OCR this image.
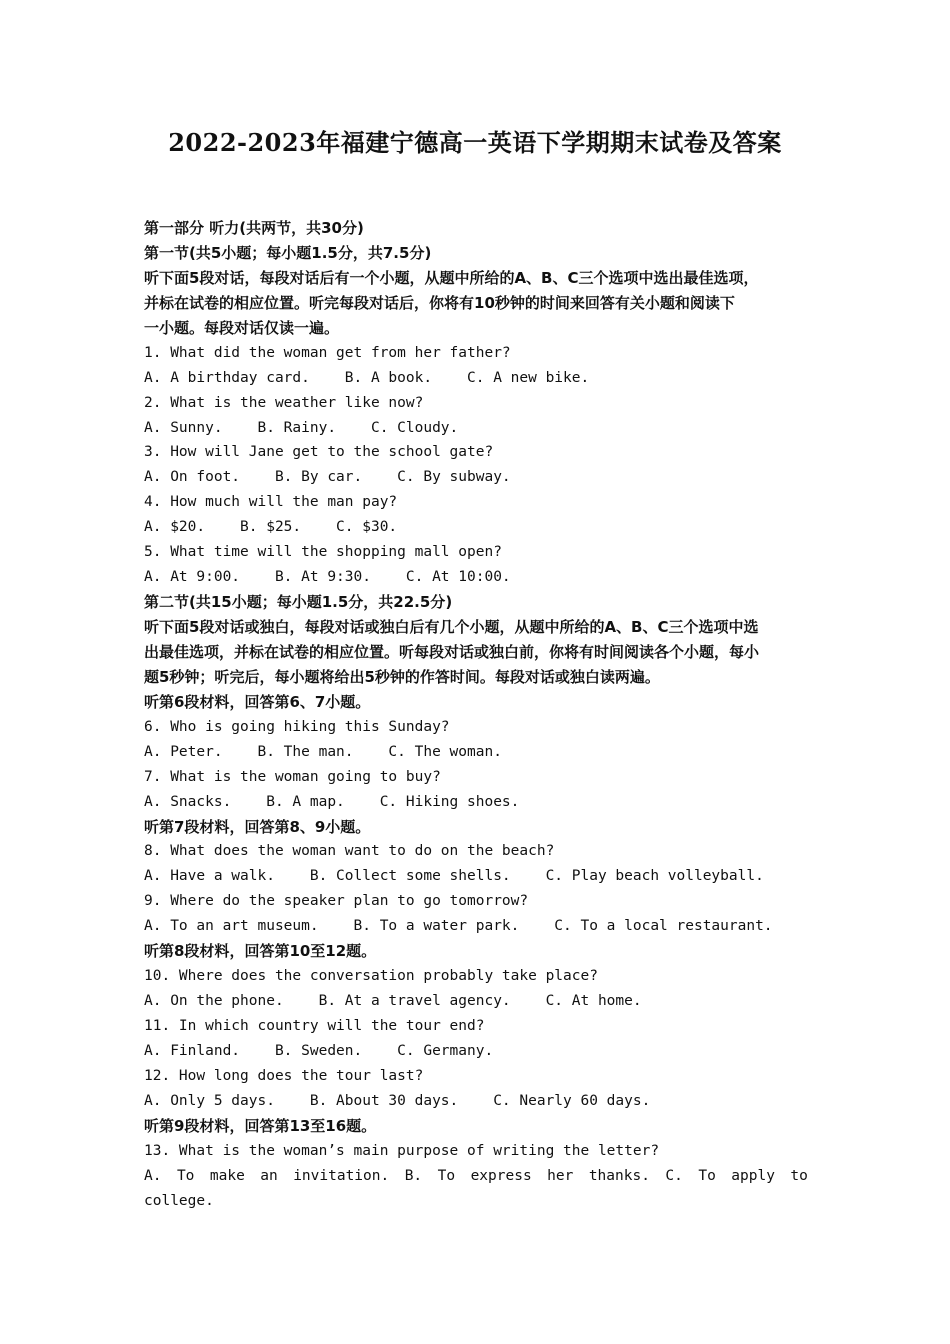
2022-2023年福建宁德高一英语下学期期末试卷及答案
第一部分 听力(共两节，共30分)
第一节(共5小题；每小题1.5分，共7.5分)
听下面5段对话，每段对话后有一个小题，从题中所给的A、B、C三个选项中选出最佳选项，
并标在试卷的相应位置。听完每段对话后，你将有10秒钟的时间来回答有关小题和阅读下
一小题。每段对话仅读一遍。
1. What did the woman get from her father?
A. A birthday card.    B. A book.    C. A new bike.
2. What is the weather like now?
A. Sunny.    B. Rainy.    C. Cloudy.
3. How will Jane get to the school gate?
A. On foot.    B. By car.    C. By subway.
4. How much will the man pay?
A. $20.    B. $25.    C. $30.
5. What time will the shopping mall open?
A. At 9:00.    B. At 9:30.    C. At 10:00.
第二节(共15小题；每小题1.5分，共22.5分)
听下面5段对话或独白，每段对话或独白后有几个小题，从题中所给的A、B、C三个选项中选
出最佳选项，并标在试卷的相应位置。听每段对话或独白前，你将有时间阅读各个小题，每小
题5秒钟；听完后，每小题将给出5秒钟的作答时间。每段对话或独白读两遍。
听第6段材料，回答第6、7小题。
6. Who is going hiking this Sunday?
A. Peter.    B. The man.    C. The woman.
7. What is the woman going to buy?
A. Snacks.    B. A map.    C. Hiking shoes.
听第7段材料，回答第8、9小题。
8. What does the woman want to do on the beach?
A. Have a walk.    B. Collect some shells.    C. Play beach volleyball.
9. Where do the speaker plan to go tomorrow?
A. To an art museum.    B. To a water park.    C. To a local restaurant.
听第8段材料，回答第10至12题。
10. Where does the conversation probably take place?
A. On the phone.    B. At a travel agency.    C. At home.
11. In which country will the tour end?
A. Finland.    B. Sweden.    C. Germany.
12. How long does the tour last?
A. Only 5 days.    B. About 30 days.    C. Nearly 60 days.
听第9段材料，回答第13至16题。
13. What is the woman’s main purpose of writing the letter?
A. To make an invitation. B. To express her thanks. C. To apply to
college.
